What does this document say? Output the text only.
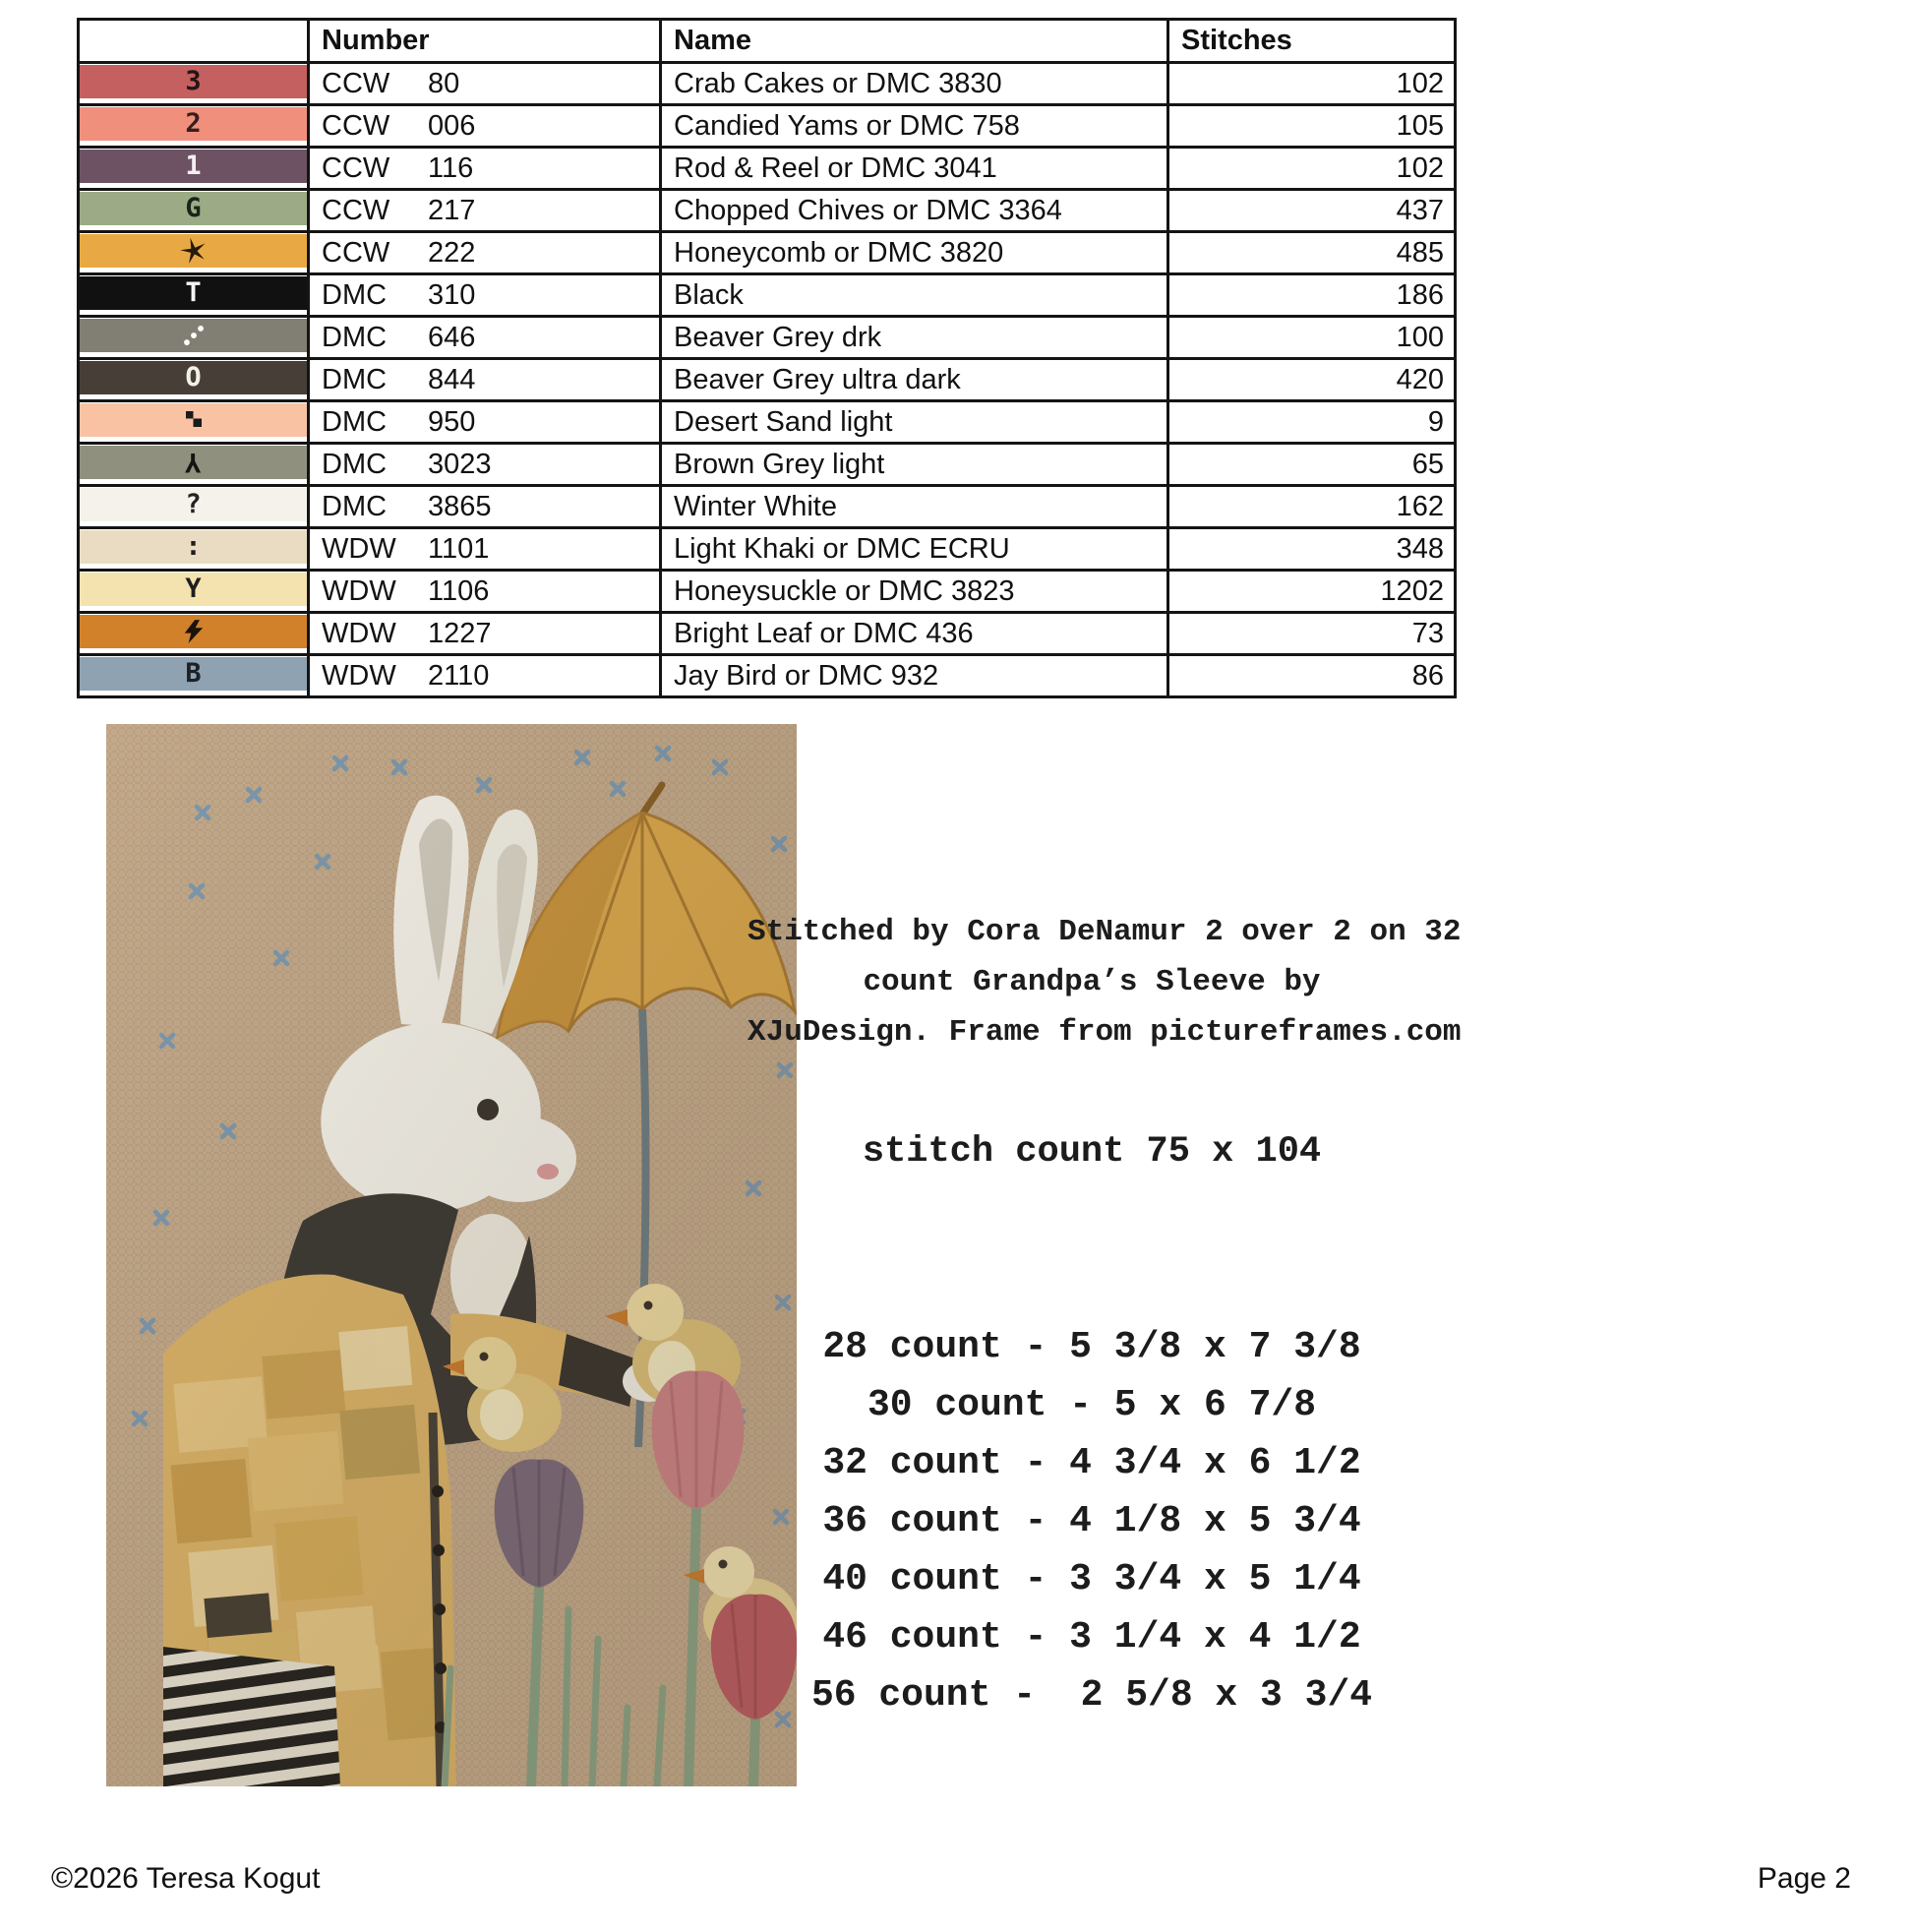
	Number	Name	Stitches

3	CCW 80	Crab Cakes or DMC 3830	102

2	CCW 006	Candied Yams or DMC 758	105

1	CCW 116	Rod & Reel or DMC 3041	102

G	CCW 217	Chopped Chives or DMC 3364	437

	CCW 222	Honeycomb or DMC 3820	485

T	DMC 310	Black	186

	DMC 646	Beaver Grey drk	100

O	DMC 844	Beaver Grey ultra dark	420

	DMC 950	Desert Sand light	9

Y	DMC 3023	Brown Grey light	65

?	DMC 3865	Winter White	162

:	WDW 1101	Light Khaki or DMC ECRU	348

Y	WDW 1106	Honeysuckle or DMC 3823	1202

	WDW 1227	Bright Leaf or DMC 436	73

B	WDW 2110	Jay Bird or DMC 932	86
Stitched by Cora DeNamur 2 over 2 on 32
count Grandpa’s Sleeve by
XJuDesign. Frame from pictureframes.com
stitch count 75 x 104
28 count - 5 3/8 x 7 3/8
30 count - 5 x 6 7/8
32 count - 4 3/4 x 6 1/2
36 count - 4 1/8 x 5 3/4
40 count - 3 3/4 x 5 1/4
46 count - 3 1/4 x 4 1/2
56 count -  2 5/8 x 3 3/4
©2026 Teresa Kogut	Page 2
